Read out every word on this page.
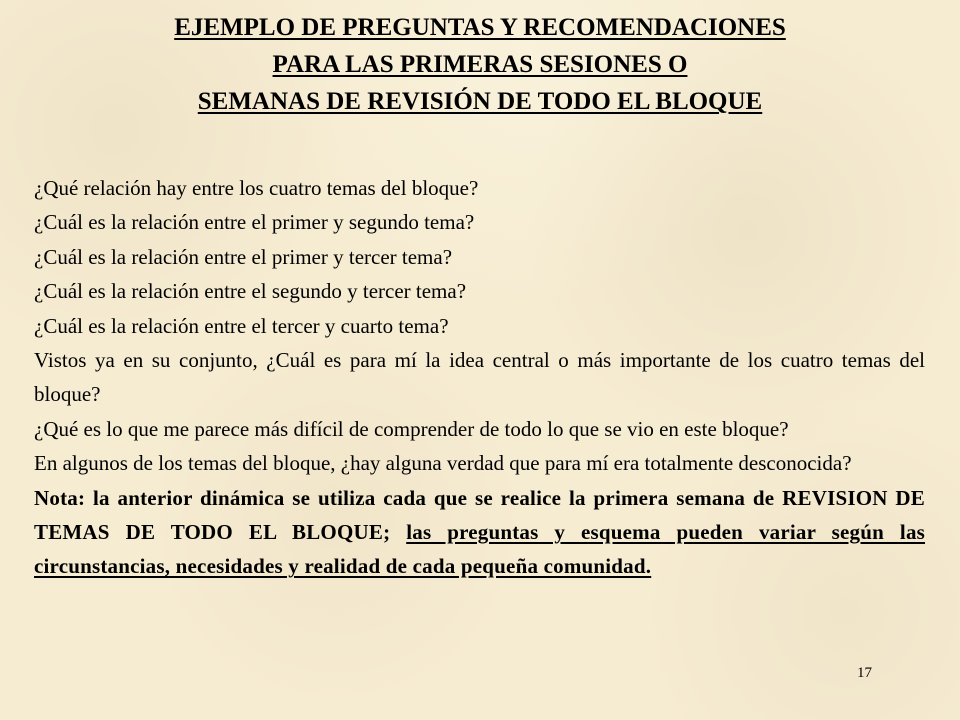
EJEMPLO DE PREGUNTAS Y RECOMENDACIONES
PARA LAS PRIMERAS SESIONES O
SEMANAS DE REVISIÓN DE TODO EL BLOQUE

¿Qué relación hay entre los cuatro temas del bloque?

¿Cuál es la relación entre el primer y segundo tema?

¿Cuál es la relación entre el primer y tercer tema?

¿Cuál es la relación entre el segundo y tercer tema?

¿Cuál es la relación entre el tercer y cuarto tema?

Vistos ya en su conjunto, ¿Cuál es para mí la idea central o más importante de los cuatro temas del bloque?

¿Qué es lo que me parece más difícil de comprender de todo lo que se vio en este bloque?

En algunos de los temas del bloque, ¿hay alguna verdad que para mí era totalmente desconocida?

Nota: la anterior dinámica se utiliza cada que se realice la primera semana de REVISION DE TEMAS DE TODO EL BLOQUE; las preguntas y esquema pueden variar según las circunstancias, necesidades y realidad de cada pequeña comunidad.

17
